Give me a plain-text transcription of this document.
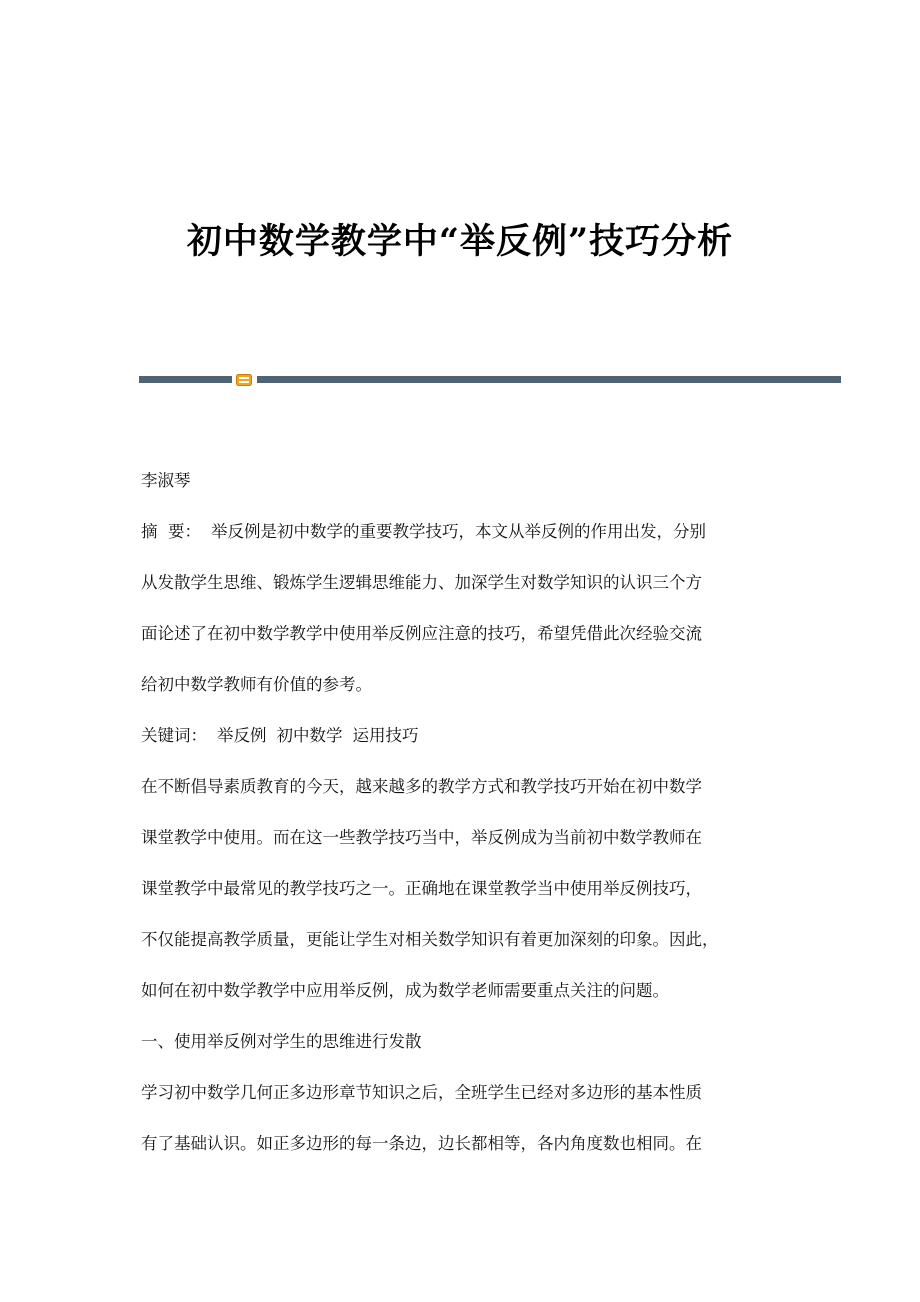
初中数学教学中“举反例”技巧分析
李淑琴
摘  要： 举反例是初中数学的重要教学技巧，本文从举反例的作用出发，分别
从发散学生思维、锻炼学生逻辑思维能力、加深学生对数学知识的认识三个方
面论述了在初中数学教学中使用举反例应注意的技巧，希望凭借此次经验交流
给初中数学教师有价值的参考。
关键词： 举反例 初中数学 运用技巧
在不断倡导素质教育的今天，越来越多的教学方式和教学技巧开始在初中数学
课堂教学中使用。而在这一些教学技巧当中，举反例成为当前初中数学教师在
课堂教学中最常见的教学技巧之一。正确地在课堂教学当中使用举反例技巧，
不仅能提高教学质量，更能让学生对相关数学知识有着更加深刻的印象。因此，
如何在初中数学教学中应用举反例，成为数学老师需要重点关注的问题。
一、使用举反例对学生的思维进行发散
学习初中数学几何正多边形章节知识之后，全班学生已经对多边形的基本性质
有了基础认识。如正多边形的每一条边，边长都相等，各内角度数也相同。在
